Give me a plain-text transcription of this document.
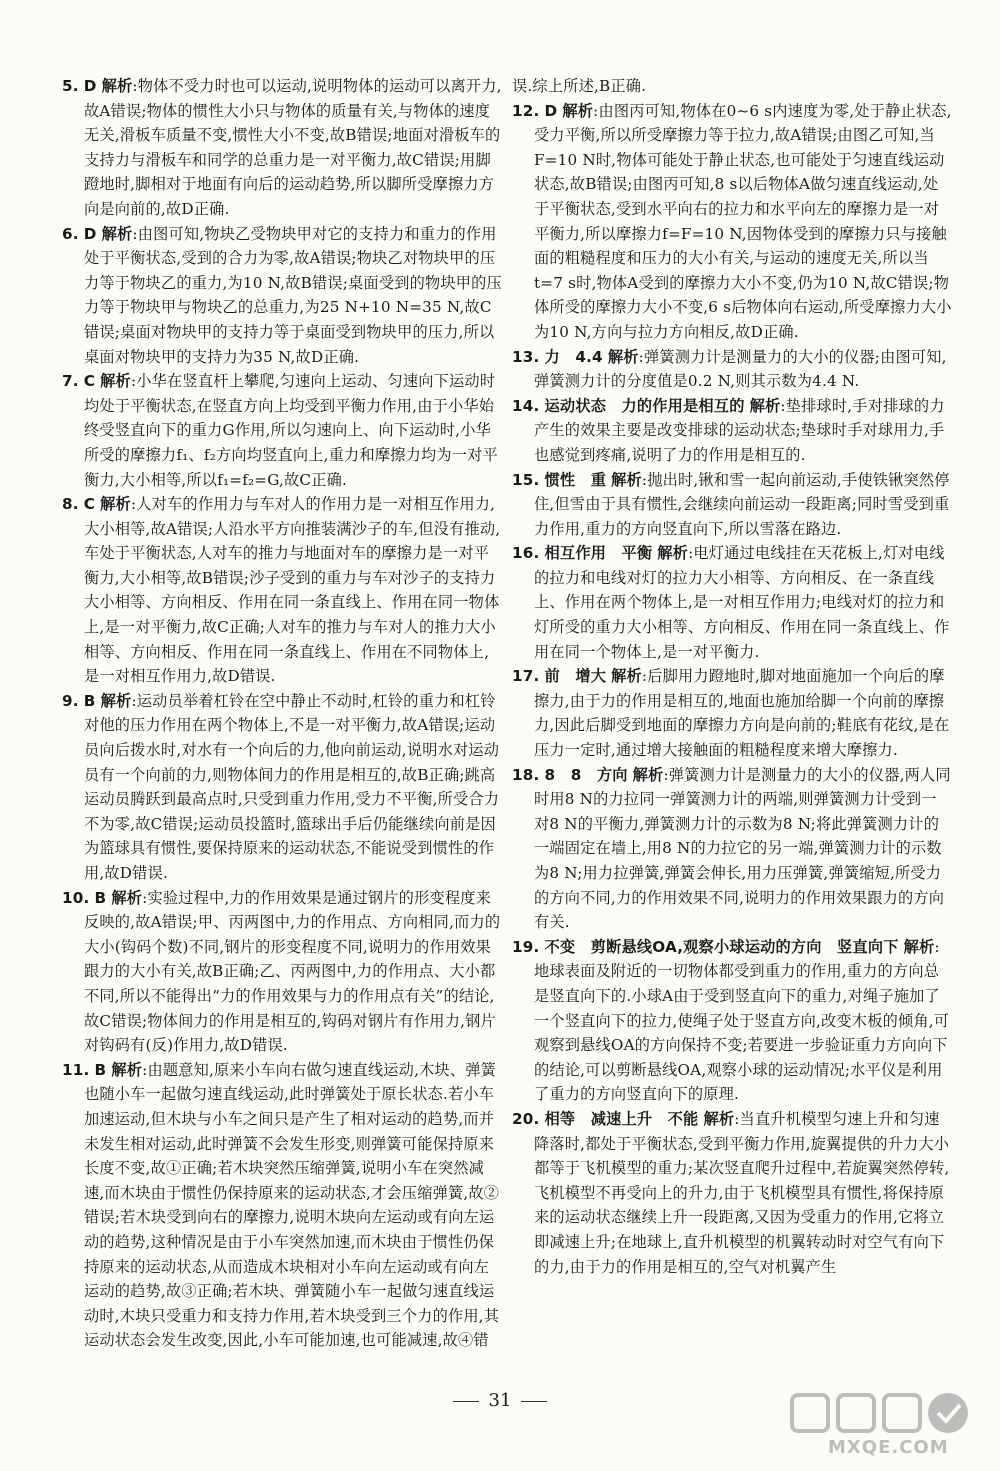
5. D 解析:物体不受力时也可以运动,说明物体的运动可以离开力,故A错误;物体的惯性大小只与物体的质量有关,与物体的速度无关,滑板车质量不变,惯性大小不变,故B错误;地面对滑板车的支持力与滑板车和同学的总重力是一对平衡力,故C错误;用脚蹬地时,脚相对于地面有向后的运动趋势,所以脚所受摩擦力方向是向前的,故D正确.

6. D 解析:由图可知,物块乙受物块甲对它的支持力和重力的作用处于平衡状态,受到的合力为零,故A错误;物块乙对物块甲的压力等于物块乙的重力,为10 N,故B错误;桌面受到的物块甲的压力等于物块甲与物块乙的总重力,为25 N+10 N=35 N,故C错误;桌面对物块甲的支持力等于桌面受到物块甲的压力,所以桌面对物块甲的支持力为35 N,故D正确.

7. C 解析:小华在竖直杆上攀爬,匀速向上运动、匀速向下运动时均处于平衡状态,在竖直方向上均受到平衡力作用,由于小华始终受竖直向下的重力G作用,所以匀速向上、向下运动时,小华所受的摩擦力f₁、f₂方向均竖直向上,重力和摩擦力均为一对平衡力,大小相等,所以f₁=f₂=G,故C正确.

8. C 解析:人对车的作用力与车对人的作用力是一对相互作用力,大小相等,故A错误;人沿水平方向推装满沙子的车,但没有推动,车处于平衡状态,人对车的推力与地面对车的摩擦力是一对平衡力,大小相等,故B错误;沙子受到的重力与车对沙子的支持力大小相等、方向相反、作用在同一条直线上、作用在同一物体上,是一对平衡力,故C正确;人对车的推力与车对人的推力大小相等、方向相反、作用在同一条直线上、作用在不同物体上,是一对相互作用力,故D错误.

9. B 解析:运动员举着杠铃在空中静止不动时,杠铃的重力和杠铃对他的压力作用在两个物体上,不是一对平衡力,故A错误;运动员向后拨水时,对水有一个向后的力,他向前运动,说明水对运动员有一个向前的力,则物体间力的作用是相互的,故B正确;跳高运动员腾跃到最高点时,只受到重力作用,受力不平衡,所受合力不为零,故C错误;运动员投篮时,篮球出手后仍能继续向前是因为篮球具有惯性,要保持原来的运动状态,不能说受到惯性的作用,故D错误.

10. B 解析:实验过程中,力的作用效果是通过钢片的形变程度来反映的,故A错误;甲、丙两图中,力的作用点、方向相同,而力的大小(钩码个数)不同,钢片的形变程度不同,说明力的作用效果跟力的大小有关,故B正确;乙、丙两图中,力的作用点、大小都不同,所以不能得出“力的作用效果与力的作用点有关”的结论,故C错误;物体间力的作用是相互的,钩码对钢片有作用力,钢片对钩码有(反)作用力,故D错误.

11. B 解析:由题意知,原来小车向右做匀速直线运动,木块、弹簧也随小车一起做匀速直线运动,此时弹簧处于原长状态.若小车加速运动,但木块与小车之间只是产生了相对运动的趋势,而并未发生相对运动,此时弹簧不会发生形变,则弹簧可能保持原来长度不变,故①正确;若木块突然压缩弹簧,说明小车在突然减速,而木块由于惯性仍保持原来的运动状态,才会压缩弹簧,故②错误;若木块受到向右的摩擦力,说明木块向左运动或有向左运动的趋势,这种情况是由于小车突然加速,而木块由于惯性仍保持原来的运动状态,从而造成木块相对小车向左运动或有向左运动的趋势,故③正确;若木块、弹簧随小车一起做匀速直线运动时,木块只受重力和支持力作用,若木块受到三个力的作用,其运动状态会发生改变,因此,小车可能加速,也可能减速,故④错

误.综上所述,B正确.

12. D 解析:由图丙可知,物体在0~6 s内速度为零,处于静止状态,受力平衡,所以所受摩擦力等于拉力,故A错误;由图乙可知,当F=10 N时,物体可能处于静止状态,也可能处于匀速直线运动状态,故B错误;由图丙可知,8 s以后物体A做匀速直线运动,处于平衡状态,受到水平向右的拉力和水平向左的摩擦力是一对平衡力,所以摩擦力f=F=10 N,因物体受到的摩擦力只与接触面的粗糙程度和压力的大小有关,与运动的速度无关,所以当t=7 s时,物体A受到的摩擦力大小不变,仍为10 N,故C错误;物体所受的摩擦力大小不变,6 s后物体向右运动,所受摩擦力大小为10 N,方向与拉力方向相反,故D正确.

13. 力　4.4 解析:弹簧测力计是测量力的大小的仪器;由图可知,弹簧测力计的分度值是0.2 N,则其示数为4.4 N.

14. 运动状态　力的作用是相互的 解析:垫排球时,手对排球的力产生的效果主要是改变排球的运动状态;垫球时手对球用力,手也感觉到疼痛,说明了力的作用是相互的.

15. 惯性　重 解析:抛出时,锹和雪一起向前运动,手使铁锹突然停住,但雪由于具有惯性,会继续向前运动一段距离;同时雪受到重力作用,重力的方向竖直向下,所以雪落在路边.

16. 相互作用　平衡 解析:电灯通过电线挂在天花板上,灯对电线的拉力和电线对灯的拉力大小相等、方向相反、在一条直线上、作用在两个物体上,是一对相互作用力;电线对灯的拉力和灯所受的重力大小相等、方向相反、作用在同一条直线上、作用在同一个物体上,是一对平衡力.

17. 前　增大 解析:后脚用力蹬地时,脚对地面施加一个向后的摩擦力,由于力的作用是相互的,地面也施加给脚一个向前的摩擦力,因此后脚受到地面的摩擦力方向是向前的;鞋底有花纹,是在压力一定时,通过增大接触面的粗糙程度来增大摩擦力.

18. 8　8　方向 解析:弹簧测力计是测量力的大小的仪器,两人同时用8 N的力拉同一弹簧测力计的两端,则弹簧测力计受到一对8 N的平衡力,弹簧测力计的示数为8 N;将此弹簧测力计的一端固定在墙上,用8 N的力拉它的另一端,弹簧测力计的示数为8 N;用力拉弹簧,弹簧会伸长,用力压弹簧,弹簧缩短,所受力的方向不同,力的作用效果不同,说明力的作用效果跟力的方向有关.

19. 不变　剪断悬线OA,观察小球运动的方向　竖直向下 解析:地球表面及附近的一切物体都受到重力的作用,重力的方向总是竖直向下的.小球A由于受到竖直向下的重力,对绳子施加了一个竖直向下的拉力,使绳子处于竖直方向,改变木板的倾角,可观察到悬线OA的方向保持不变;若要进一步验证重力方向向下的结论,可以剪断悬线OA,观察小球的运动情况;水平仪是利用了重力的方向竖直向下的原理.

20. 相等　减速上升　不能 解析:当直升机模型匀速上升和匀速降落时,都处于平衡状态,受到平衡力作用,旋翼提供的升力大小都等于飞机模型的重力;某次竖直爬升过程中,若旋翼突然停转,飞机模型不再受向上的升力,由于飞机模型具有惯性,将保持原来的运动状态继续上升一段距离,又因为受重力的作用,它将立即减速上升;在地球上,直升机模型的机翼转动时对空气有向下的力,由于力的作用是相互的,空气对机翼产生

31
MXQE.COM
